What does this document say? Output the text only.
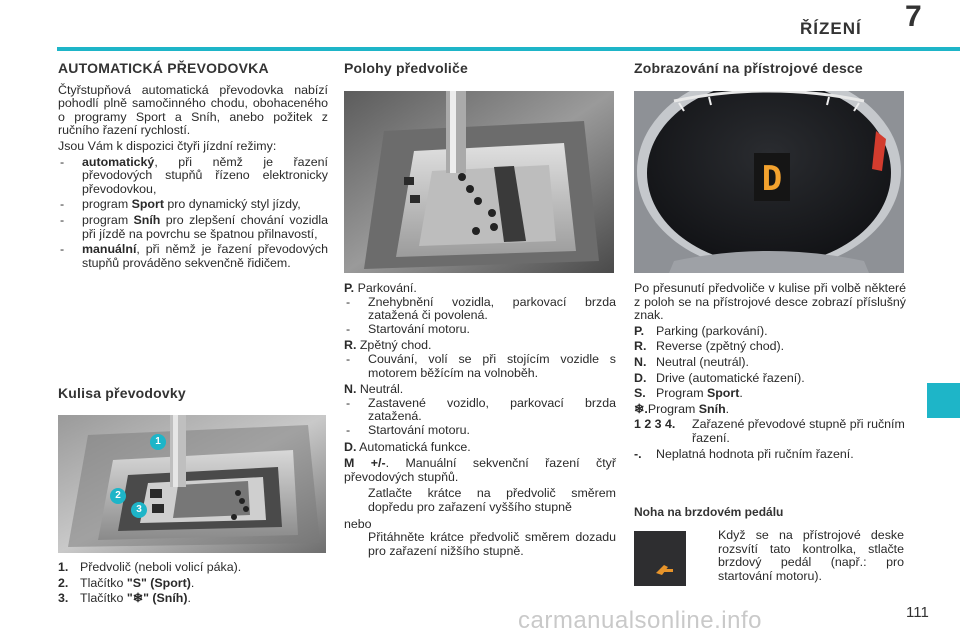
ŘÍZENÍ 7
AUTOMATICKÁ PŘEVODOVKA

Čtyřstupňová automatická převodovka nabízí pohodlí plně samočinného chodu, obohaceného o programy Sport a Sníh, anebo požitek z ručního řazení rychlostí.

Jsou Vám k dispozici čtyři jízdní režimy:

- automatický, při němž je řazení převodových stupňů řízeno elektronicky převodovkou,
- program Sport pro dynamický styl jízdy,
- program Sníh pro zlepšení chování vozidla při jízdě na povrchu se špatnou přilnavostí,
- manuální, při němž je řazení převodových stupňů prováděno sekvenčně řidičem.
Kulisa převodovky
1
2
3
1. Předvolič (neboli volicí páka).
2. Tlačítko "S" (Sport).
3. Tlačítko "❄" (Sníh).
Polohy předvoliče
P. Parkování.
- Znehybnění vozidla, parkovací brzda zatažená či povolená.
- Startování motoru.
R. Zpětný chod.
- Couvání, volí se při stojícím vozidle s motorem běžícím na volnoběh.
N. Neutrál.
- Zastavené vozidlo, parkovací brzda zatažená.
- Startování motoru.
D. Automatická funkce.
M +/-. Manuální sekvenční řazení čtyř převodových stupňů.
Zatlačte krátce na předvolič směrem dopředu pro zařazení vyššího stupně
nebo
Přitáhněte krátce předvolič směrem dozadu pro zařazení nižšího stupně.
Zobrazování na přístrojové desce
D

Po přesunutí předvoliče v kulise při volbě některé z poloh se na přístrojové desce zobrazí příslušný znak.

P. Parking (parkování).
R. Reverse (zpětný chod).
N. Neutral (neutrál).
D. Drive (automatické řazení).
S. Program Sport.
❄. Program Sníh.
1 2 3 4.	Zařazené převodové stupně při ručním řazení.
-.	Neplatná hodnota při ručním řazení.
Noha na brzdovém pedálu
Když se na přístrojové deske rozsvítí tato kontrolka, stlačte brzdový pedál (např.: pro startování motoru).
carmanualsonline.info	111
